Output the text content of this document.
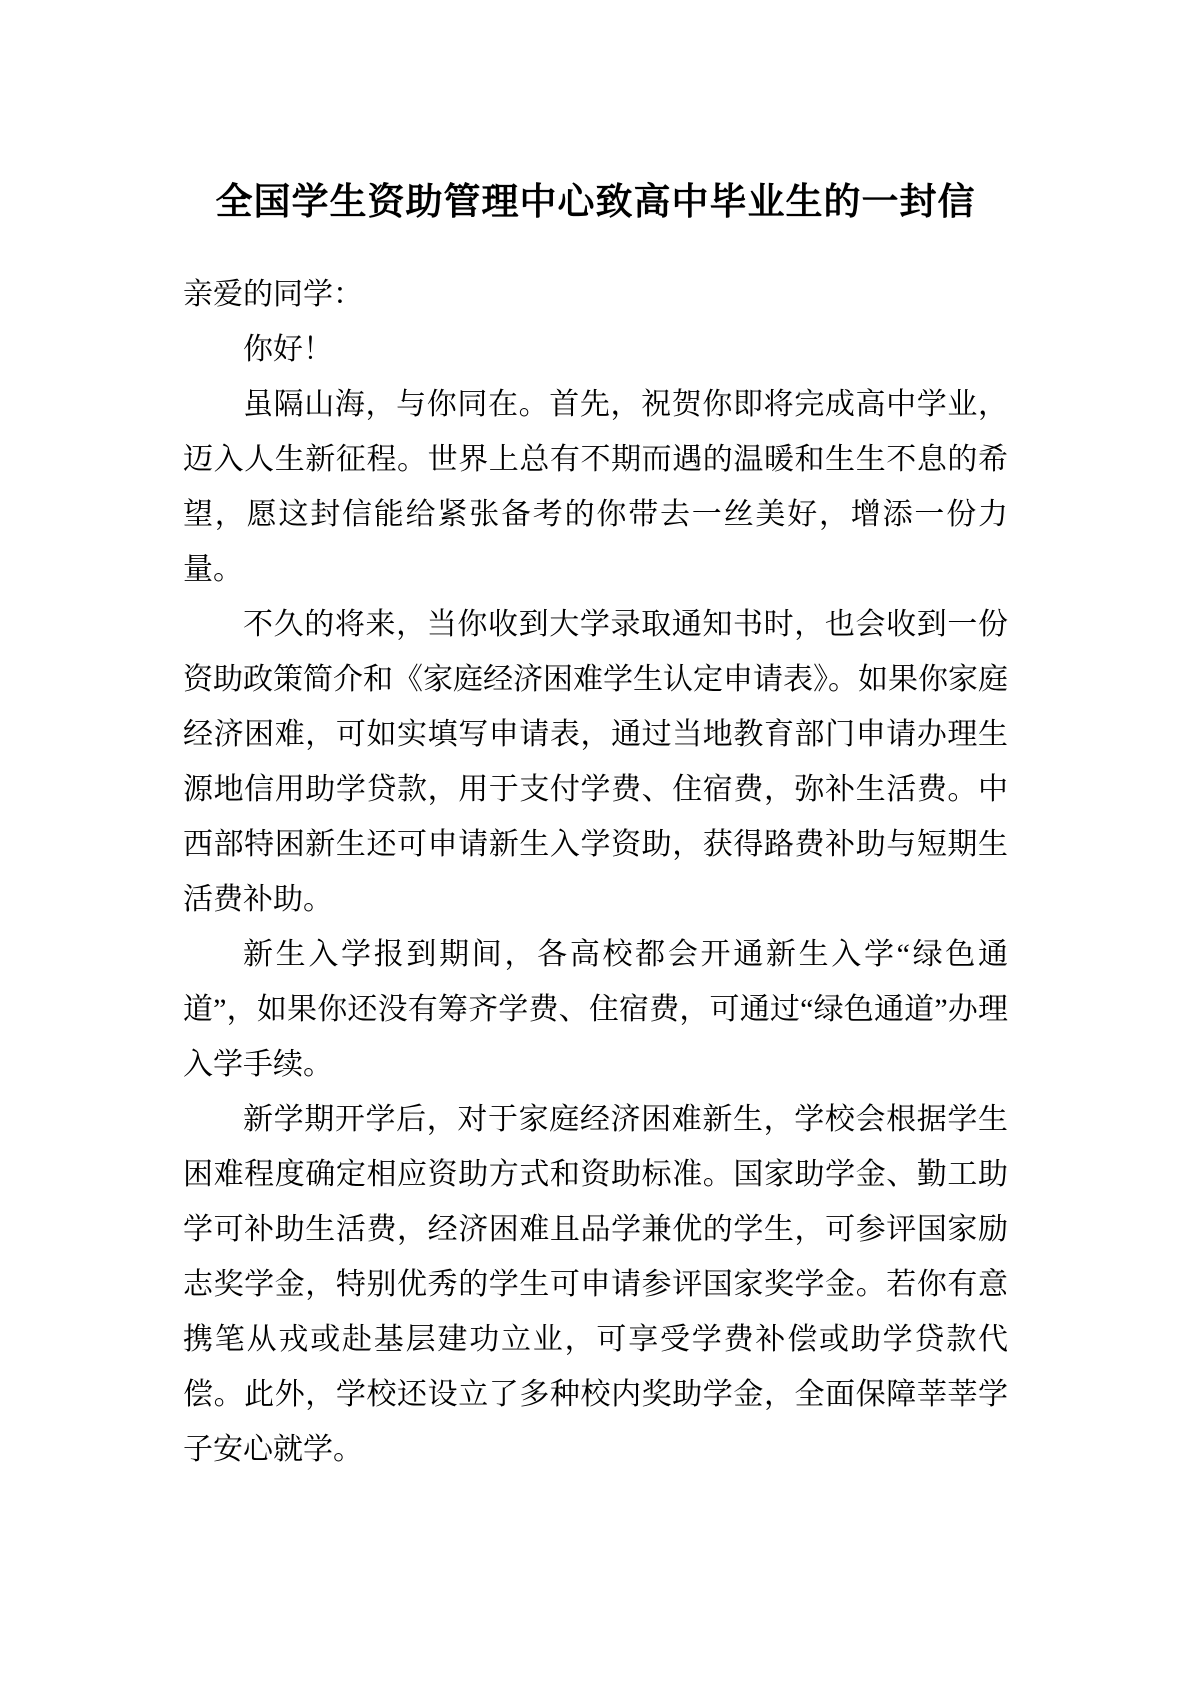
全国学生资助管理中心致高中毕业生的一封信

亲爱的同学：

你好！

虽隔山海，与你同在。首先，祝贺你即将完成高中学业，迈入人生新征程。世界上总有不期而遇的温暖和生生不息的希望，愿这封信能给紧张备考的你带去一丝美好，增添一份力量。

不久的将来，当你收到大学录取通知书时，也会收到一份资助政策简介和《家庭经济困难学生认定申请表》。如果你家庭经济困难，可如实填写申请表，通过当地教育部门申请办理生源地信用助学贷款，用于支付学费、住宿费，弥补生活费。中西部特困新生还可申请新生入学资助，获得路费补助与短期生活费补助。

新生入学报到期间，各高校都会开通新生入学“绿色通道”，如果你还没有筹齐学费、住宿费，可通过“绿色通道”办理入学手续。

新学期开学后，对于家庭经济困难新生，学校会根据学生困难程度确定相应资助方式和资助标准。国家助学金、勤工助学可补助生活费，经济困难且品学兼优的学生，可参评国家励志奖学金，特别优秀的学生可申请参评国家奖学金。若你有意携笔从戎或赴基层建功立业，可享受学费补偿或助学贷款代偿。此外，学校还设立了多种校内奖助学金，全面保障莘莘学子安心就学。
